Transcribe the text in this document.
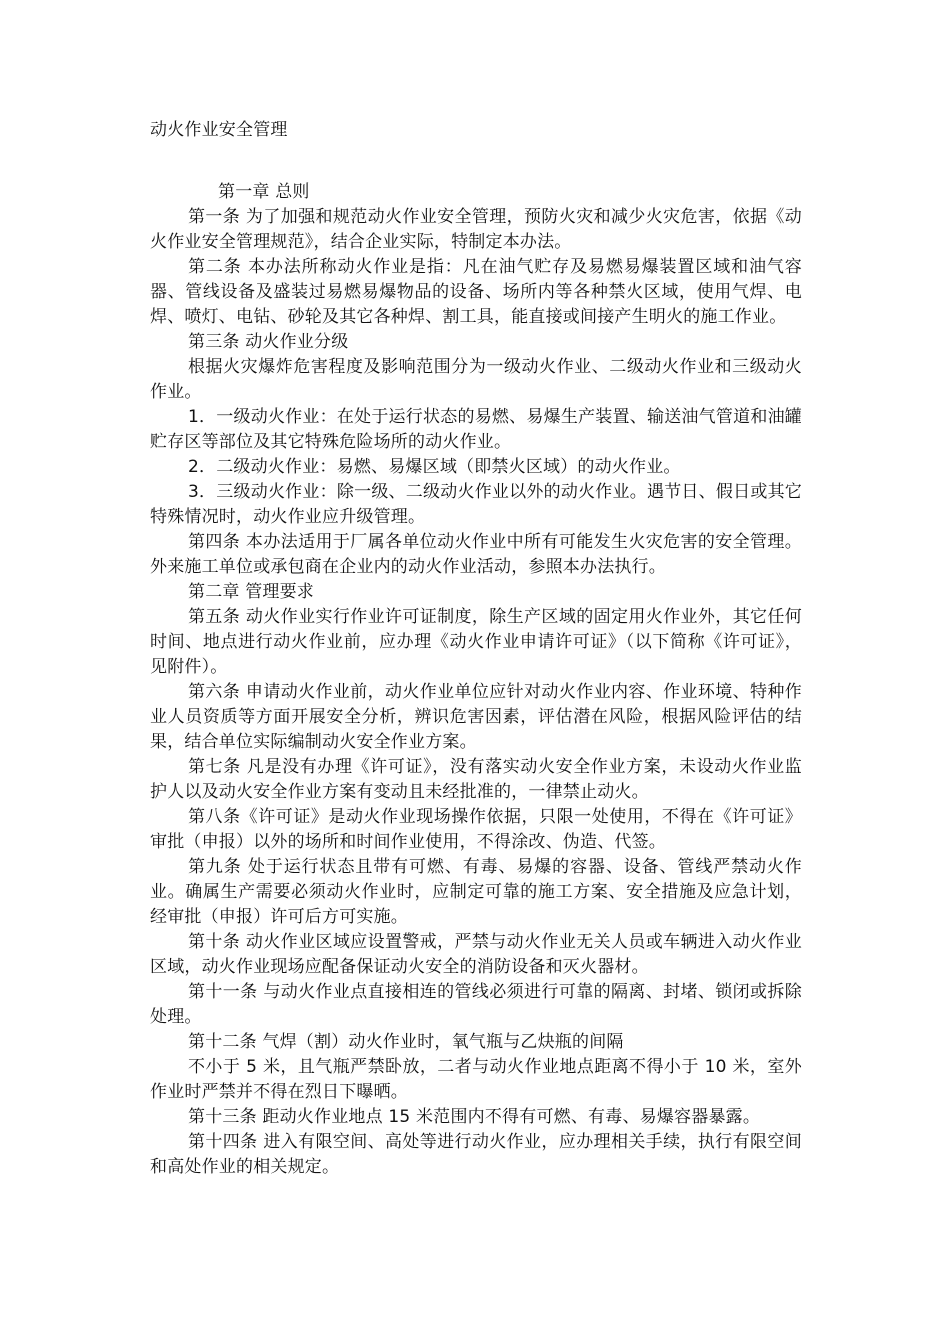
动火作业安全管理

第一章 总则

第一条 为了加强和规范动火作业安全管理，预防火灾和减少火灾危害，依据《动火作业安全管理规范》，结合企业实际，特制定本办法。

第二条 本办法所称动火作业是指：凡在油气贮存及易燃易爆装置区域和油气容器、管线设备及盛装过易燃易爆物品的设备、场所内等各种禁火区域，使用气焊、电焊、喷灯、电钻、砂轮及其它各种焊、割工具，能直接或间接产生明火的施工作业。

第三条 动火作业分级

根据火灾爆炸危害程度及影响范围分为一级动火作业、二级动火作业和三级动火作业。

1．一级动火作业：在处于运行状态的易燃、易爆生产装置、输送油气管道和油罐贮存区等部位及其它特殊危险场所的动火作业。

2．二级动火作业：易燃、易爆区域（即禁火区域）的动火作业。

3．三级动火作业：除一级、二级动火作业以外的动火作业。遇节日、假日或其它特殊情况时，动火作业应升级管理。

第四条 本办法适用于厂属各单位动火作业中所有可能发生火灾危害的安全管理。外来施工单位或承包商在企业内的动火作业活动，参照本办法执行。

第二章 管理要求

第五条 动火作业实行作业许可证制度，除生产区域的固定用火作业外，其它任何时间、地点进行动火作业前，应办理《动火作业申请许可证》（以下简称《许可证》，见附件）。

第六条 申请动火作业前，动火作业单位应针对动火作业内容、作业环境、特种作业人员资质等方面开展安全分析，辨识危害因素，评估潜在风险，根据风险评估的结果，结合单位实际编制动火安全作业方案。

第七条 凡是没有办理《许可证》，没有落实动火安全作业方案，未设动火作业监护人以及动火安全作业方案有变动且未经批准的，一律禁止动火。

第八条《许可证》是动火作业现场操作依据，只限一处使用，不得在《许可证》审批（申报）以外的场所和时间作业使用，不得涂改、伪造、代签。

第九条 处于运行状态且带有可燃、有毒、易爆的容器、设备、管线严禁动火作业。确属生产需要必须动火作业时，应制定可靠的施工方案、安全措施及应急计划，经审批（申报）许可后方可实施。

第十条 动火作业区域应设置警戒，严禁与动火作业无关人员或车辆进入动火作业区域，动火作业现场应配备保证动火安全的消防设备和灭火器材。

第十一条 与动火作业点直接相连的管线必须进行可靠的隔离、封堵、锁闭或拆除处理。

第十二条 气焊（割）动火作业时，氧气瓶与乙炔瓶的间隔

不小于 5 米，且气瓶严禁卧放，二者与动火作业地点距离不得小于 10 米，室外作业时严禁并不得在烈日下曝晒。

第十三条 距动火作业地点 15 米范围内不得有可燃、有毒、易爆容器暴露。

第十四条 进入有限空间、高处等进行动火作业，应办理相关手续，执行有限空间和高处作业的相关规定。
